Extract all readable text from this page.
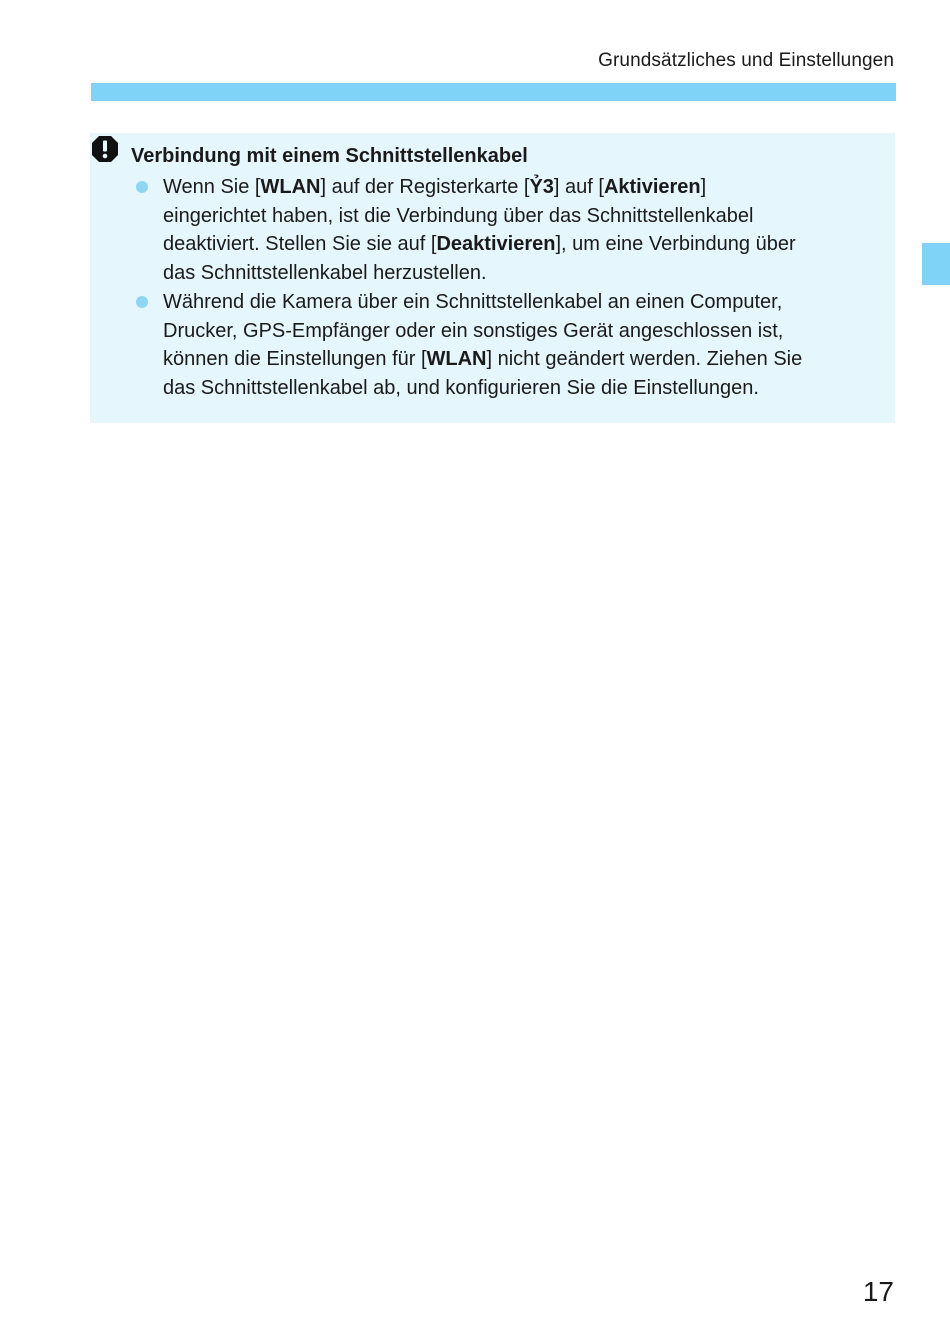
Grundsätzliches und Einstellungen
Verbindung mit einem Schnittstellenkabel
Wenn Sie [WLAN] auf der Registerkarte [Ỷ3] auf [Aktivieren]
eingerichtet haben, ist die Verbindung über das Schnittstellenkabel
deaktiviert. Stellen Sie sie auf [Deaktivieren], um eine Verbindung über
das Schnittstellenkabel herzustellen.
Während die Kamera über ein Schnittstellenkabel an einen Computer,
Drucker, GPS-Empfänger oder ein sonstiges Gerät angeschlossen ist,
können die Einstellungen für [WLAN] nicht geändert werden. Ziehen Sie
das Schnittstellenkabel ab, und konfigurieren Sie die Einstellungen.
17
